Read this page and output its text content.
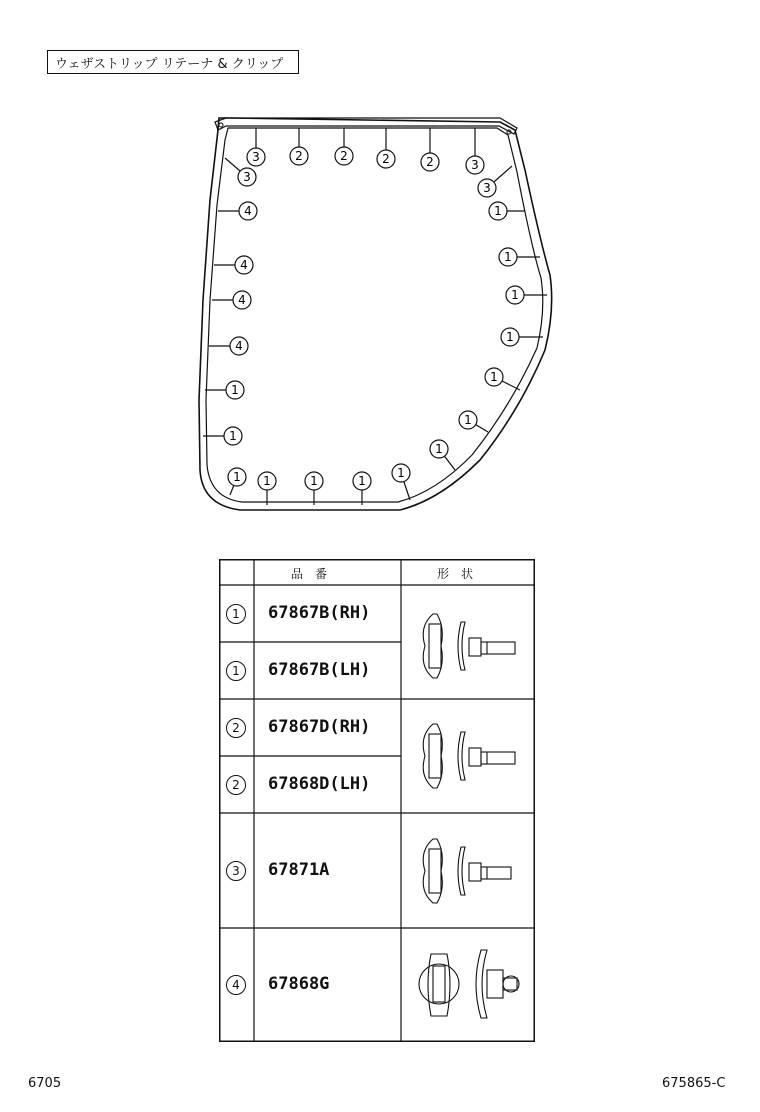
ウェザストリップ リテーナ & クリップ
3	2	2	2	2	3
3
3
1
1
1
1
1
1
1
1
1
1
1
1
4
4
4
4
1
1
品　番	形　状
1	67867B(RH)
1	67867B(LH)
2	67867D(RH)
2	67868D(LH)
3	67871A
4	67868G
6705	675865-C
